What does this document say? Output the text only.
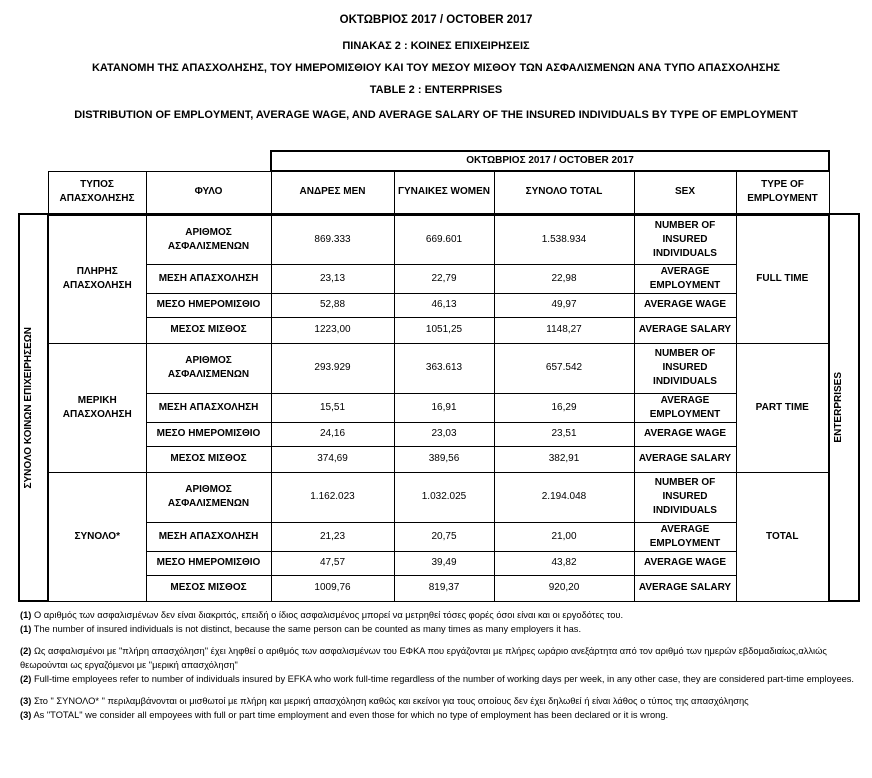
ΟΚΤΩΒΡΙΟΣ 2017 / OCTOBER 2017
ΠΙΝΑΚΑΣ 2 : ΚΟΙΝΕΣ ΕΠΙΧΕΙΡΗΣΕΙΣ
ΚΑΤΑΝΟΜΗ ΤΗΣ ΑΠΑΣΧΟΛΗΣΗΣ, ΤΟΥ ΗΜΕΡΟΜΙΣΘΙΟΥ ΚΑΙ ΤΟΥ ΜΕΣΟΥ ΜΙΣΘΟΥ ΤΩΝ ΑΣΦΑΛΙΣΜΕΝΩΝ ΑΝΑ ΤΥΠΟ ΑΠΑΣΧΟΛΗΣΗΣ
TABLE 2 : ENTERPRISES
DISTRIBUTION OF EMPLOYMENT, AVERAGE WAGE, AND AVERAGE SALARY OF THE INSURED INDIVIDUALS BY TYPE OF EMPLOYMENT
			ΟΚΤΩΒΡΙΟΣ 2017 / OCTOBER 2017					
	ΤΥΠΟΣ ΑΠΑΣΧΟΛΗΣΗΣ	ΦΥΛΟ	ΑΝΔΡΕΣ MEN	ΓΥΝΑΙΚΕΣ WOMEN	ΣΥΝΟΛΟ TOTAL	SEX	TYPE OF EMPLOYMENT	

ΣΥΝΟΛΟ ΚΟΙΝΩΝ ΕΠΙΧΕΙΡΗΣΕΩΝ	ΠΛΗΡΗΣ ΑΠΑΣΧΟΛΗΣΗ	ΑΡΙΘΜΟΣ ΑΣΦΑΛΙΣΜΕΝΩΝ	869.333	669.601	1.538.934	NUMBER OF INSURED INDIVIDUALS	FULL TIME	ENTERPRISES

		ΜΕΣΗ ΑΠΑΣΧΟΛΗΣΗ	23,13	22,79	22,98	AVERAGE EMPLOYMENT		
		ΜΕΣΟ ΗΜΕΡΟΜΙΣΘΙΟ	52,88	46,13	49,97	AVERAGE WAGE		
		ΜΕΣΟΣ ΜΙΣΘΟΣ	1223,00	1051,25	1148,27	AVERAGE SALARY		
	ΜΕΡΙΚΗ ΑΠΑΣΧΟΛΗΣΗ	ΑΡΙΘΜΟΣ ΑΣΦΑΛΙΣΜΕΝΩΝ	293.929	363.613	657.542	NUMBER OF INSURED INDIVIDUALS	PART TIME	
		ΜΕΣΗ ΑΠΑΣΧΟΛΗΣΗ	15,51	16,91	16,29	AVERAGE EMPLOYMENT		
		ΜΕΣΟ ΗΜΕΡΟΜΙΣΘΙΟ	24,16	23,03	23,51	AVERAGE WAGE		
		ΜΕΣΟΣ ΜΙΣΘΟΣ	374,69	389,56	382,91	AVERAGE SALARY		
	ΣΥΝΟΛΟ*	ΑΡΙΘΜΟΣ ΑΣΦΑΛΙΣΜΕΝΩΝ	1.162.023	1.032.025	2.194.048	NUMBER OF INSURED INDIVIDUALS	TOTAL	
		ΜΕΣΗ ΑΠΑΣΧΟΛΗΣΗ	21,23	20,75	21,00	AVERAGE EMPLOYMENT		
		ΜΕΣΟ ΗΜΕΡΟΜΙΣΘΙΟ	47,57	39,49	43,82	AVERAGE WAGE		
		ΜΕΣΟΣ ΜΙΣΘΟΣ	1009,76	819,37	920,20	AVERAGE SALARY		
(1) Ο αριθμός των ασφαλισμένων δεν είναι διακριτός, επειδή ο ίδιος ασφαλισμένος μπορεί να μετρηθεί τόσες φορές όσοι είναι και οι εργοδότες του.
(1) The number of insured individuals is not distinct, because the same person can be counted as many times as many employers it has.
(2) Ως ασφαλισμένοι με "πλήρη απασχόληση" έχει ληφθεί ο αριθμός των ασφαλισμένων του ΕΦΚΑ που εργάζονται με πλήρες ωράριο ανεξάρτητα από τον αριθμό των ημερών εβδομαδιαίως,αλλιώς θεωρούνται ως εργαζόμενοι με "μερική απασχόληση"
(2) Full-time employees refer to number of individuals insured by EFKA who work full-time regardless of the number of working days per week, in any other case, they are considered part-time employees.
(3) Στο " ΣΥΝΟΛΟ* " περιλαμβάνονται οι μισθωτοί με πλήρη και μερική απασχόληση καθώς και εκείνοι για τους οποίους δεν έχει δηλωθεί ή είναι λάθος ο τύπος της απασχόλησης
(3) As "TOTAL" we consider all empoyees with full or part time employment and even those for which no type of employment has been declared or it is wrong.
